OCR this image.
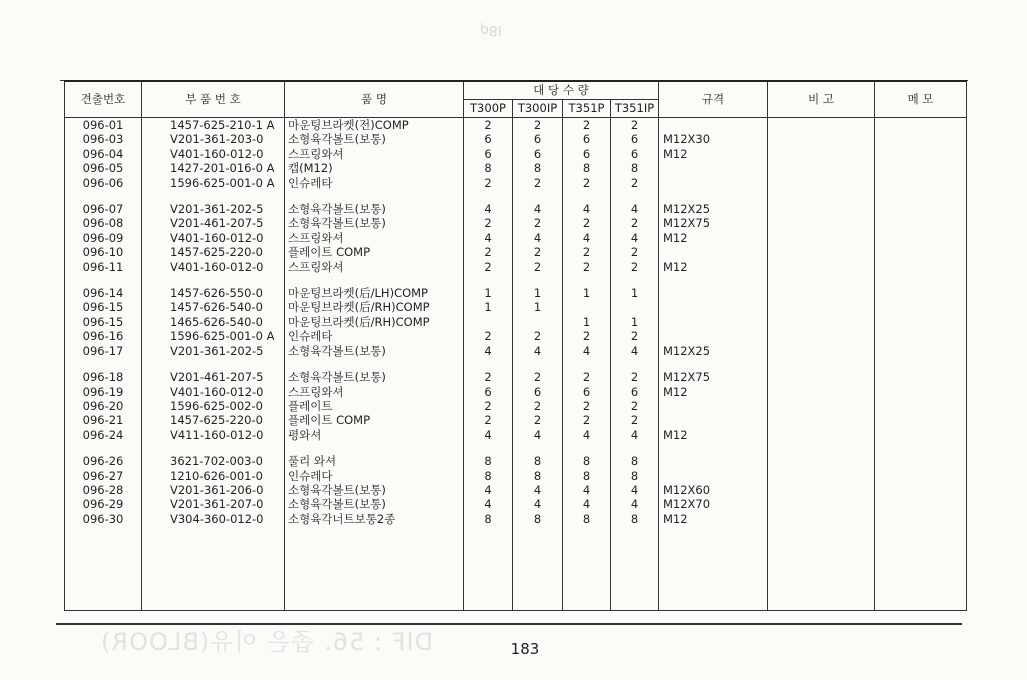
ρ8I
DIF : 56. 좁은 이유(BLOOR)
견출번호	부 품 번 호	품 명	대 당 수 량				규격	비 고	메 모
			T300P	T300IP	T351P	T351IP			
096-01	1457-625-210-1 A	마운팅브라켓(전)COMP	2	2	2	2			
096-03	V201-361-203-0	소형육각볼트(보통)	6	6	6	6	M12X30		
096-04	V401-160-012-0	스프링와셔	6	6	6	6	M12		
096-05	1427-201-016-0 A	캡(M12)	8	8	8	8			
096-06	1596-625-001-0 A	인슈레타	2	2	2	2			

096-07	V201-361-202-5	소형육각볼트(보통)	4	4	4	4	M12X25		
096-08	V201-461-207-5	소형육각볼트(보통)	2	2	2	2	M12X75		
096-09	V401-160-012-0	스프링와셔	4	4	4	4	M12		
096-10	1457-625-220-0	플레이트 COMP	2	2	2	2			
096-11	V401-160-012-0	스프링와셔	2	2	2	2	M12		

096-14	1457-626-550-0	마운팅브라켓(后/LH)COMP	1	1	1	1			
096-15	1457-626-540-0	마운팅브라켓(后/RH)COMP	1	1					
096-15	1465-626-540-0	마운팅브라켓(后/RH)COMP			1	1			
096-16	1596-625-001-0 A	인슈레타	2	2	2	2			
096-17	V201-361-202-5	소형육각볼트(보통)	4	4	4	4	M12X25		

096-18	V201-461-207-5	소형육각볼트(보통)	2	2	2	2	M12X75		
096-19	V401-160-012-0	스프링와셔	6	6	6	6	M12		
096-20	1596-625-002-0	플레이트	2	2	2	2			
096-21	1457-625-220-0	플레이트 COMP	2	2	2	2			
096-24	V411-160-012-0	평와셔	4	4	4	4	M12		

096-26	3621-702-003-0	풀리 와셔	8	8	8	8			
096-27	1210-626-001-0	인슈레다	8	8	8	8			
096-28	V201-361-206-0	소형육각볼트(보통)	4	4	4	4	M12X60		
096-29	V201-361-207-0	소형육각볼트(보통)	4	4	4	4	M12X70		
096-30	V304-360-012-0	소형육각너트보통2종	8	8	8	8	M12		

183
